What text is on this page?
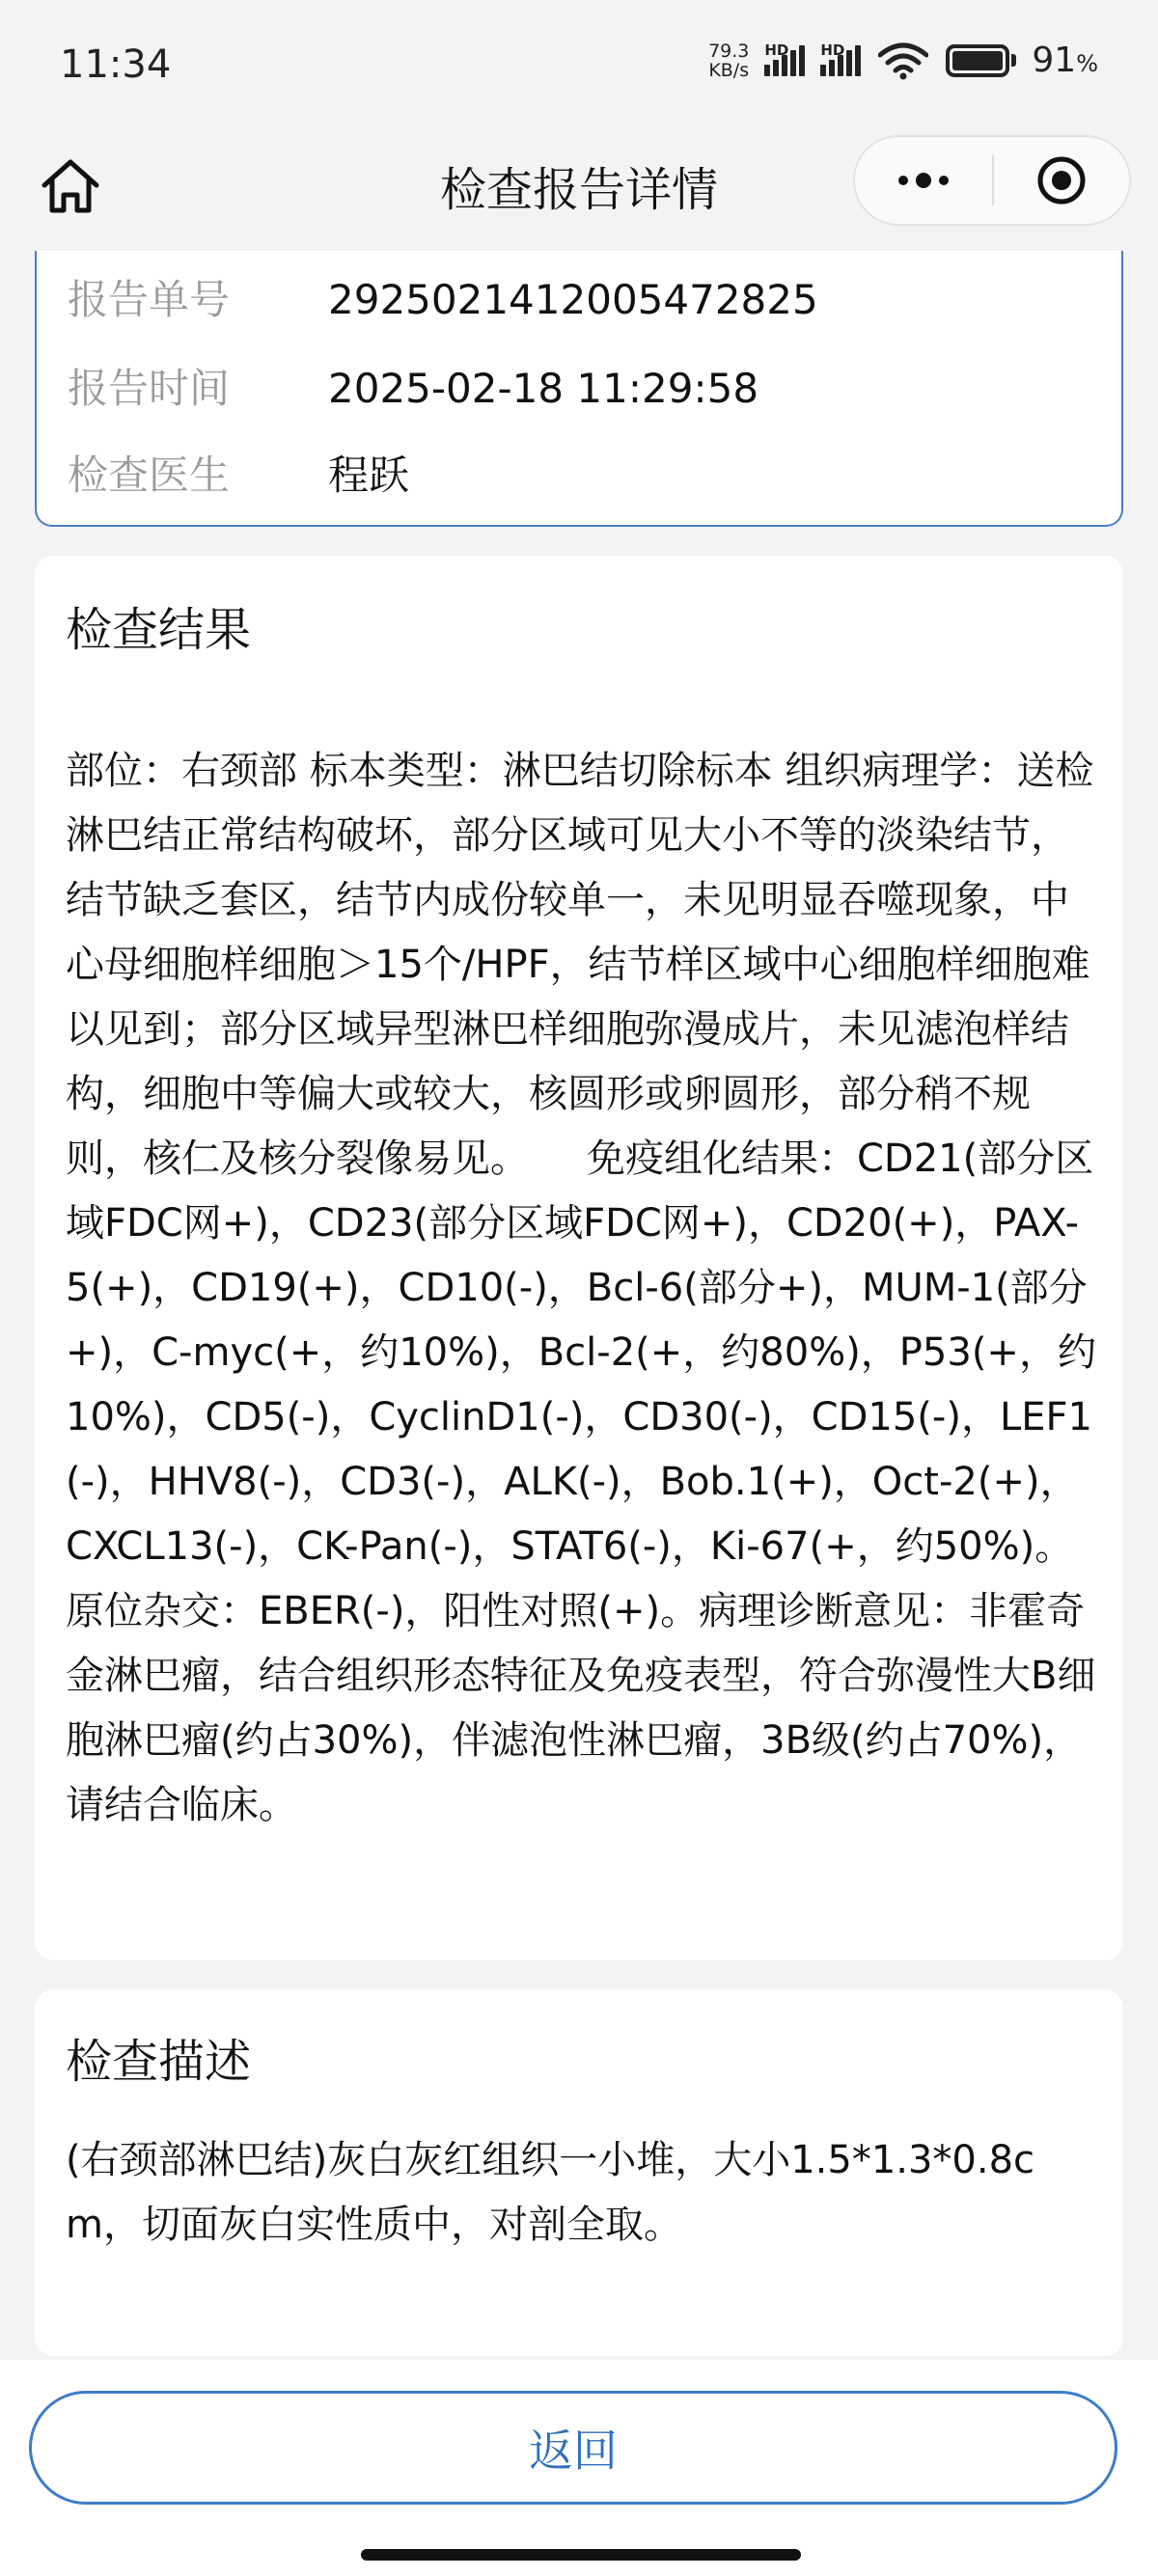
11:34	79.3
KB/s
HD HD	91%
检查报告详情
报告单号 2925021412005472825
报告时间 2025-02-18 11:29:58
检查医生 程跃
检查结果
部位：右颈部 标本类型：淋巴结切除标本 组织病理学：送检淋巴结正常结构破坏，部分区域可见大小不等的淡染结节，结节缺乏套区，结节内成份较单一，未见明显吞噬现象，中心母细胞样细胞＞15个/HPF，结节样区域中心细胞样细胞难以见到；部分区域异型淋巴样细胞弥漫成片，未见滤泡样结构，细胞中等偏大或较大，核圆形或卵圆形，部分稍不规则，核仁及核分裂像易见。　　免疫组化结果：CD21(部分区域FDC网+)，CD23(部分区域FDC网+)，CD20(+)，PAX-5(+)，CD19(+)，CD10(-)，Bcl-6(部分+)，MUM-1(部分+)，C-myc(+，约10%)，Bcl-2(+，约80%)，P53(+，约10%)，CD5(-)，CyclinD1(-)，CD30(-)，CD15(-)，LEF1(-)，HHV8(-)，CD3(-)，ALK(-)，Bob.1(+)，Oct-2(+)，CXCL13(-)，CK-Pan(-)，STAT6(-)，Ki-67(+，约50%)。原位杂交：EBER(-)，阳性对照(+)。病理诊断意见：非霍奇金淋巴瘤，结合组织形态特征及免疫表型，符合弥漫性大B细胞淋巴瘤(约占30%)，伴滤泡性淋巴瘤，3B级(约占70%)，请结合临床。
检查描述
(右颈部淋巴结)灰白灰红组织一小堆，大小1.5*1.3*0.8cm，切面灰白实性质中，对剖全取。
返回
